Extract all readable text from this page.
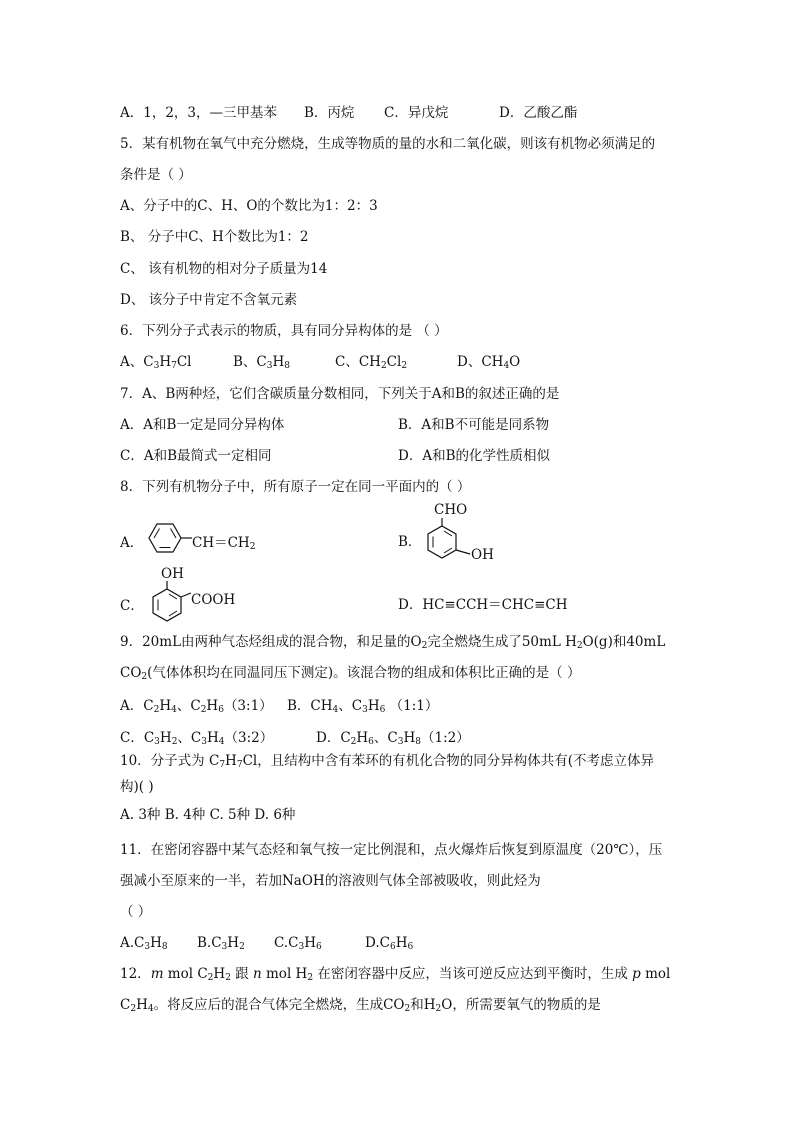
A．1，2，3，—三甲基苯 B．丙烷 C．异戊烷	D．乙酸乙酯
5．某有机物在氧气中充分燃烧，生成等物质的量的水和二氧化碳，则该有机物必须满足的
条件是（ ）
A、分子中的C、H、O的个数比为1：2：3
B、 分子中C、H个数比为1：2
C、 该有机物的相对分子质量为14
D、 该分子中肯定不含氧元素
6．下列分子式表示的物质，具有同分异构体的是 （ ）
A、$C_3H_7Cl$	B、$C_3H_8$	C、$CH_2Cl_2$	D、$CH_4O$
7．A、B两种烃，它们含碳质量分数相同，下列关于A和B的叙述正确的是
A．A和B一定是同分异构体	B．A和B不可能是同系物
C．A和B最简式一定相同	D．A和B的化学性质相似
8．下列有机物分子中，所有原子一定在同一平面内的（ ）
A．	$CH=CH_2$	B．
CHO
OH
C．
OH
COOH	D．HC≡CCH＝CHC≡CH
9．20mL由两种气态烃组成的混合物，和足量的$O_2$完全燃烧生成了50mL $H_2O(g)$和40mL
$CO_2$(气体体积均在同温同压下测定)。该混合物的组成和体积比正确的是（ ）
A．$C_2H_4$、$C_2H_6(3:1)$ B．$CH_4$、$C_3H_6$ （1:1）
C．$C_3H_2$、$C_3H_4(3:2)$	D．$C_2H_6$、$C_3H_8(1:2)$
10．分子式为 $C_7H_7Cl$，且结构中含有苯环的有机化合物的同分异构体共有(不考虑立体异
构)( )
A. 3种 B. 4种 C. 5种 D. 6种
11．在密闭容器中某气态烃和氧气按一定比例混和，点火爆炸后恢复到原温度（20℃），压
强减小至原来的一半，若加NaOH的溶液则气体全部被吸收，则此烃为
（ ）
$A.C_3H_8$ $B.C_3H_2$ $C.C_3H_6$	$D.C_6H_6$
12．m mol $C_2H_2$ 跟 n mol $H_2$ 在密闭容器中反应，当该可逆反应达到平衡时，生成 p mol
$C_2H_4$。将反应后的混合气体完全燃烧，生成$CO_2$和$H_2O$，所需要氧气的物质的是
